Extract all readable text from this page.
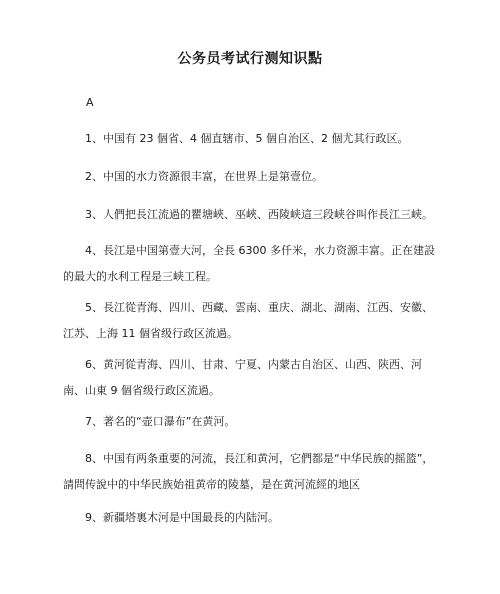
公务员考试行测知识點
A

1、中国有 23 個省、4 個直辖市、5 個自治区、2 個尤其行政区。

2、中国的水力资源很丰富，在世界上是第壹位。

3、人們把長江流過的瞿塘峽、巫峽、西陵峡這三段峡谷叫作長江三峡。

4、長江是中国第壹大河，全長 6300 多仟米，水力资源丰富。正在建設的最大的水利工程是三峡工程。

5、長江從青海、四川、西藏、雲南、重庆、湖北、湖南、江西、安徽、江苏、上海 11 個省级行政区流過。

6、黄河從青海、四川、甘肃、宁夏、内蒙古自治区、山西、陕西、河南、山東 9 個省级行政区流過。

7、著名的“壶口瀑布”在黄河。

8、中国有两条重要的河流，長江和黄河，它們都是“中华民族的摇篮”，請問传說中的中华民族始祖黄帝的陵墓，是在黄河流經的地区

9、新疆塔裏木河是中国最長的内陆河。
